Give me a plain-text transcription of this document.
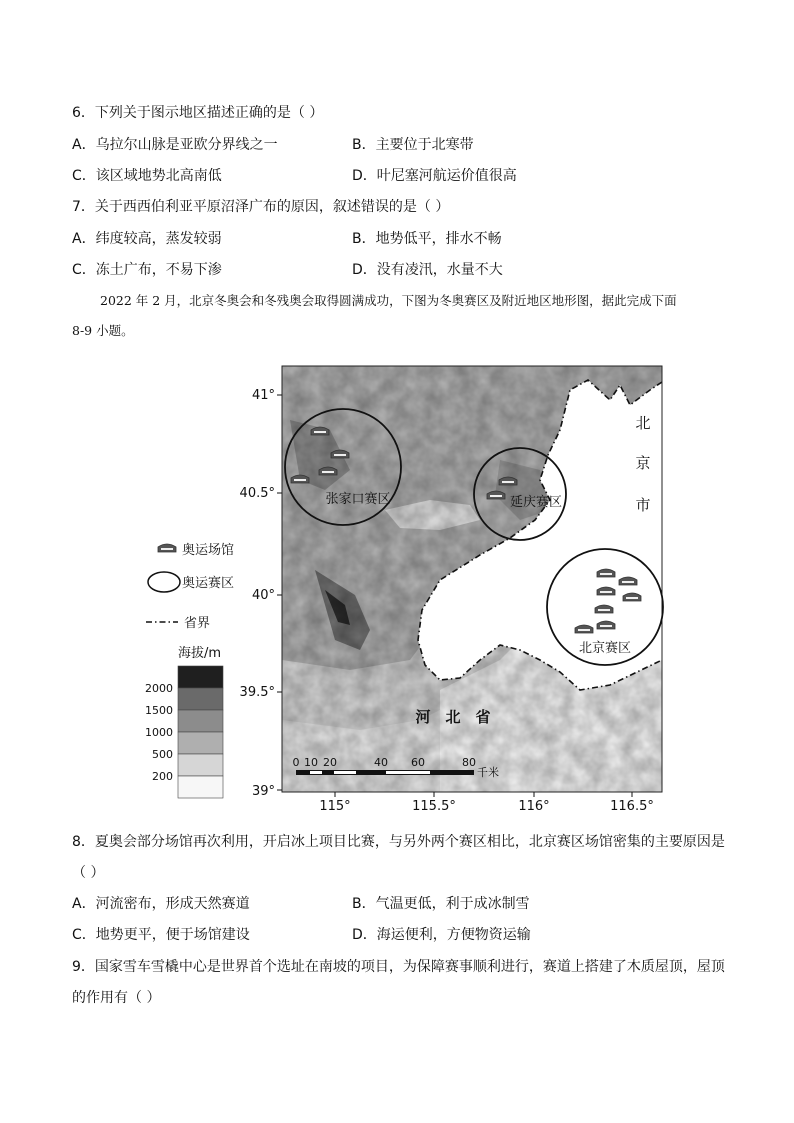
6．下列关于图示地区描述正确的是（ ）
A．乌拉尔山脉是亚欧分界线之一	B．主要位于北寒带
C．该区域地势北高南低	D．叶尼塞河航运价值很高
7．关于西西伯利亚平原沼泽广布的原因，叙述错误的是（ ）
A．纬度较高，蒸发较弱	B．地势低平，排水不畅
C．冻土广布，不易下渗	D．没有凌汛，水量不大
2022 年 2 月，北京冬奥会和冬残奥会取得圆满成功，下图为冬奥赛区及附近地区地形图，据此完成下面
8-9 小题。
41°
40.5°
40°
39.5°
39°
115°	115.5°	116°	116.5°
张家口赛区	延庆赛区
北京赛区
北
京
市
河　北　省
0 10 20	40 60	80
千米
奥运场馆
奥运赛区
省界
海拔/m
2000
1500
1000
500
200
8．夏奥会部分场馆再次利用，开启冰上项目比赛，与另外两个赛区相比，北京赛区场馆密集的主要原因是
（ ）
A．河流密布，形成天然赛道	B．气温更低，利于成冰制雪
C．地势更平，便于场馆建设	D．海运便利，方便物资运输
9．国家雪车雪橇中心是世界首个选址在南坡的项目，为保障赛事顺利进行，赛道上搭建了木质屋顶，屋顶
的作用有（ ）
